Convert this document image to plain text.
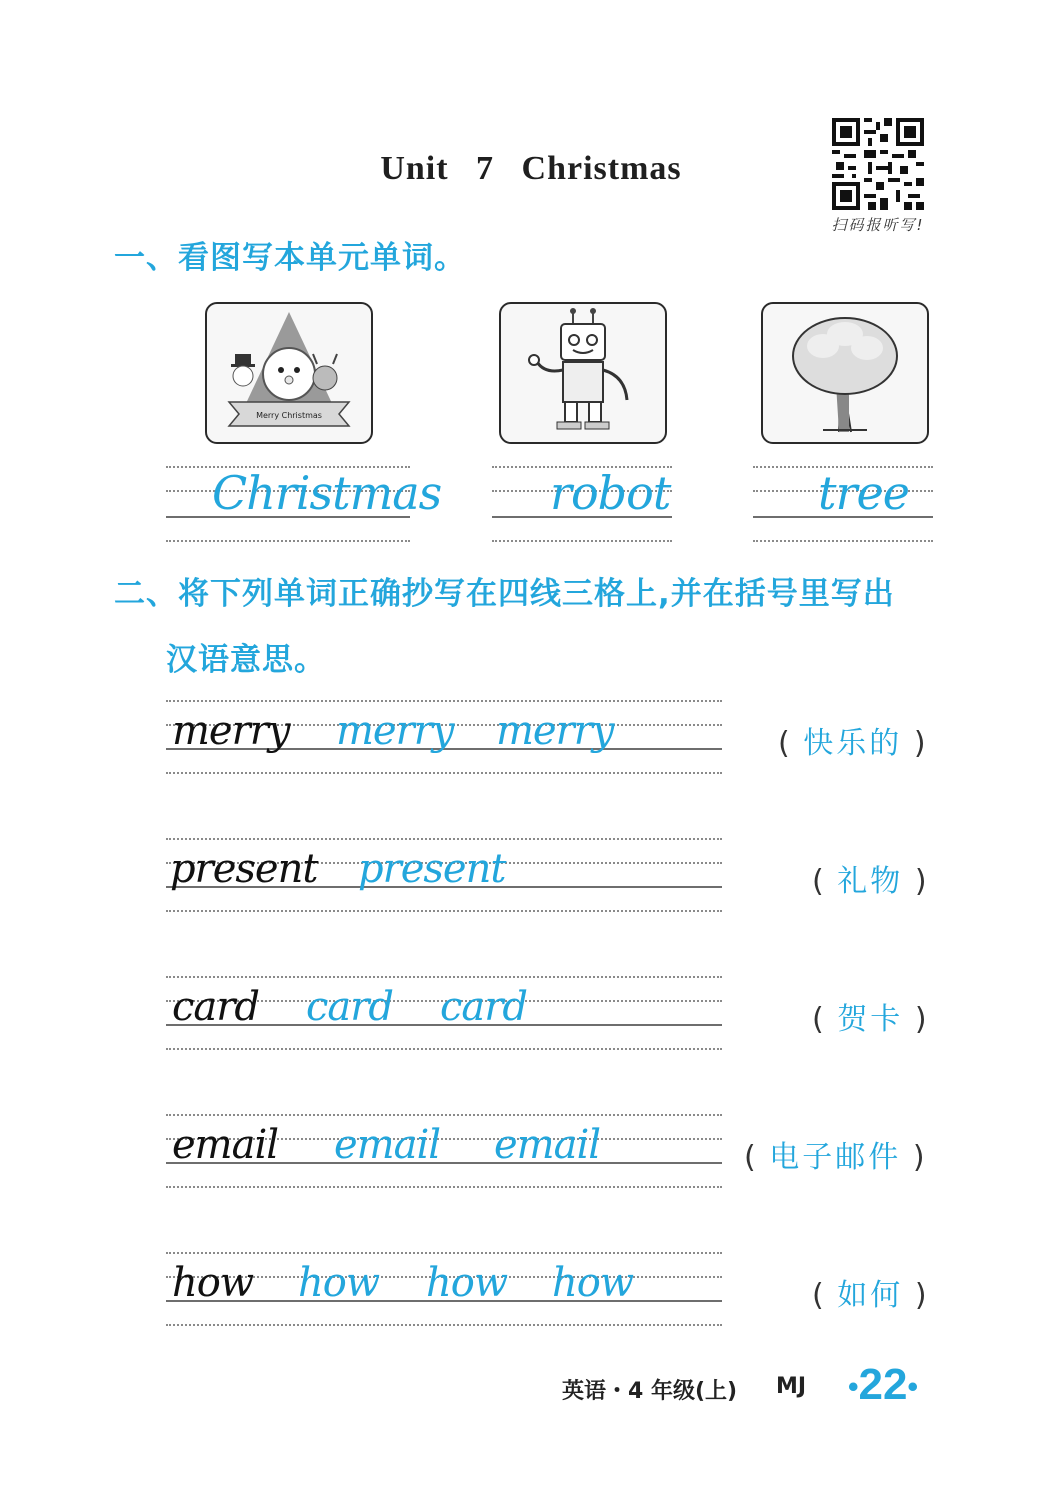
Unit 7 Christmas
扫码报听写!
一、看图写本单元单词。
Merry Christmas
Christmas robot	tree
二、将下列单词正确抄写在四线三格上,并在括号里写出
汉语意思。
merry merry merry	( 快乐的 )
present present	( 礼物 )
card card card	( 贺卡 )
email email email	( 电子邮件 )
how how how how	( 如何 )
英语・4 年级(上) MJ •22•
